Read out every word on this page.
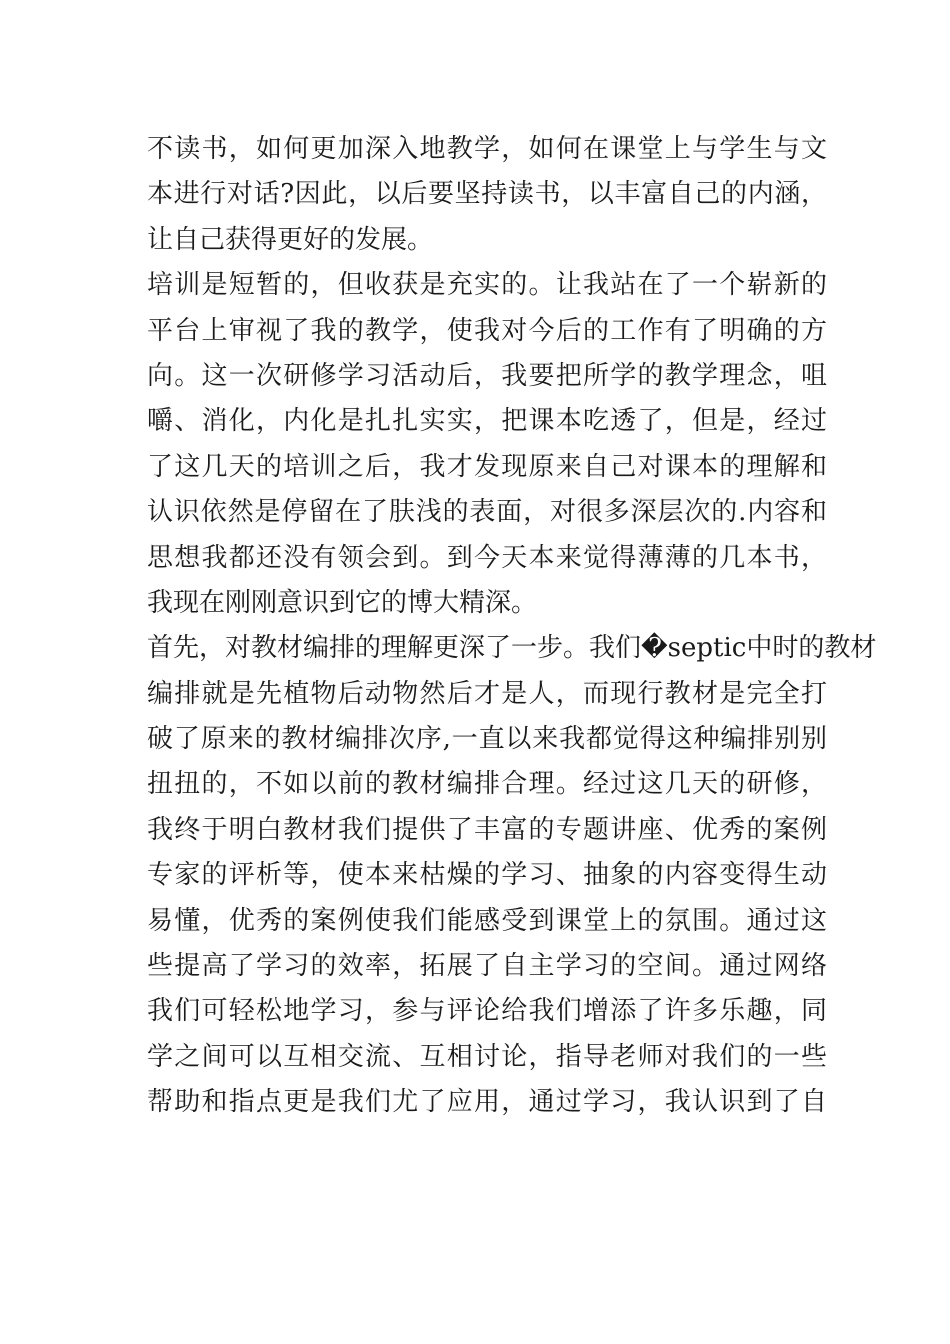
不读书，如何更加深入地教学，如何在课堂上与学生与文
本进行对话?因此，以后要坚持读书，以丰富自己的内涵，
让自己获得更好的发展。
培训是短暂的，但收获是充实的。让我站在了一个崭新的
平台上审视了我的教学，使我对今后的工作有了明确的方
向。这一次研修学习活动后，我要把所学的教学理念，咀
嚼、消化，内化是扎扎实实，把课本吃透了，但是，经过
了这几天的培训之后，我才发现原来自己对课本的理解和
认识依然是停留在了肤浅的表面，对很多深层次的.内容和
思想我都还没有领会到。到今天本来觉得薄薄的几本书，
我现在刚刚意识到它的博大精深。
首先，对教材编排的理解更深了一步。我们�septic中时的教材
编排就是先植物后动物然后才是人，而现行教材是完全打
破了原来的教材编排次序,一直以来我都觉得这种编排别别
扭扭的，不如以前的教材编排合理。经过这几天的研修，
我终于明白教材我们提供了丰富的专题讲座、优秀的案例
专家的评析等，使本来枯燥的学习、抽象的内容变得生动
易懂，优秀的案例使我们能感受到课堂上的氛围。通过这
些提高了学习的效率，拓展了自主学习的空间。通过网络
我们可轻松地学习，参与评论给我们增添了许多乐趣，同
学之间可以互相交流、互相讨论，指导老师对我们的一些
帮助和指点更是我们尤了应用，通过学习，我认识到了自
